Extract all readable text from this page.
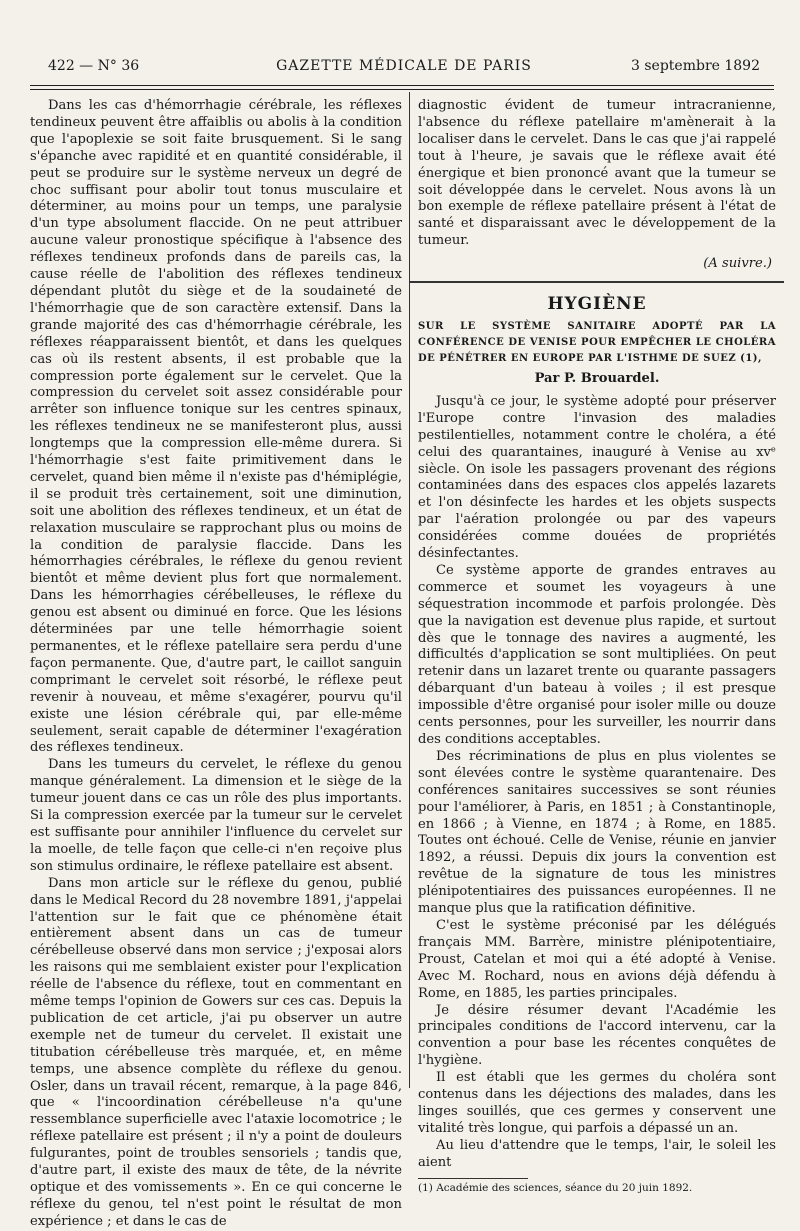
422 — N° 36	GAZETTE MÉDICALE DE PARIS	3 septembre 1892

Dans les cas d'hémorrhagie cérébrale, les réflexes tendineux peuvent être affaiblis ou abolis à la condition que l'apoplexie se soit faite brusquement. Si le sang s'épanche avec rapidité et en quantité considérable, il peut se produire sur le système nerveux un degré de choc suffisant pour abolir tout tonus musculaire et déterminer, au moins pour un temps, une paralysie d'un type absolument flaccide. On ne peut attribuer aucune valeur pronostique spécifique à l'absence des réflexes tendineux profonds dans de pareils cas, la cause réelle de l'abolition des réflexes tendineux dépendant plutôt du siège et de la soudaineté de l'hémorrhagie que de son caractère extensif. Dans la grande majorité des cas d'hémorrhagie cérébrale, les réflexes réapparaissent bientôt, et dans les quelques cas où ils restent absents, il est probable que la compression porte également sur le cervelet. Que la compression du cervelet soit assez considérable pour arrêter son influence tonique sur les centres spinaux, les réflexes tendineux ne se manifesteront plus, aussi longtemps que la compression elle-même durera. Si l'hémorrhagie s'est faite primitivement dans le cervelet, quand bien même il n'existe pas d'hémiplégie, il se produit très certainement, soit une diminution, soit une abolition des réflexes tendineux, et un état de relaxation musculaire se rapprochant plus ou moins de la condition de paralysie flaccide. Dans les hémorrhagies cérébrales, le réflexe du genou revient bientôt et même devient plus fort que normalement. Dans les hémorrhagies cérébelleuses, le réflexe du genou est absent ou diminué en force. Que les lésions déterminées par une telle hémorrhagie soient permanentes, et le réflexe patellaire sera perdu d'une façon permanente. Que, d'autre part, le caillot sanguin comprimant le cervelet soit résorbé, le réflexe peut revenir à nouveau, et même s'exagérer, pourvu qu'il existe une lésion cérébrale qui, par elle-même seulement, serait capable de déterminer l'exagération des réflexes tendineux.

Dans les tumeurs du cervelet, le réflexe du genou manque généralement. La dimension et le siège de la tumeur jouent dans ce cas un rôle des plus importants. Si la compression exercée par la tumeur sur le cervelet est suffisante pour annihiler l'influence du cervelet sur la moelle, de telle façon que celle-ci n'en reçoive plus son stimulus ordinaire, le réflexe patellaire est absent.

Dans mon article sur le réflexe du genou, publié dans le Medical Record du 28 novembre 1891, j'appelai l'attention sur le fait que ce phénomène était entièrement absent dans un cas de tumeur cérébelleuse observé dans mon service ; j'exposai alors les raisons qui me semblaient exister pour l'explication réelle de l'absence du réflexe, tout en commentant en même temps l'opinion de Gowers sur ces cas. Depuis la publication de cet article, j'ai pu observer un autre exemple net de tumeur du cervelet. Il existait une titubation cérébelleuse très marquée, et, en même temps, une absence complète du réflexe du genou. Osler, dans un travail récent, remarque, à la page 846, que « l'incoordination cérébelleuse n'a qu'une ressemblance superficielle avec l'ataxie locomotrice ; le réflexe patellaire est présent ; il n'y a point de douleurs fulgurantes, point de troubles sensoriels ; tandis que, d'autre part, il existe des maux de tête, de la névrite optique et des vomissements ». En ce qui concerne le réflexe du genou, tel n'est point le résultat de mon expérience ; et dans le cas de

diagnostic évident de tumeur intracranienne, l'absence du réflexe patellaire m'amènerait à la localiser dans le cervelet. Dans le cas que j'ai rappelé tout à l'heure, je savais que le réflexe avait été énergique et bien prononcé avant que la tumeur se soit développée dans le cervelet. Nous avons là un bon exemple de réflexe patellaire présent à l'état de santé et disparaissant avec le développement de la tumeur.

(A suivre.)
HYGIÈNE
SUR LE SYSTÈME SANITAIRE ADOPTÉ PAR LA CONFÉRENCE DE VENISE POUR EMPÊCHER LE CHOLÉRA DE PÉNÉTRER EN EUROPE PAR L'ISTHME DE SUEZ (1),
Par P. Brouardel.

Jusqu'à ce jour, le système adopté pour préserver l'Europe contre l'invasion des maladies pestilentielles, notamment contre le choléra, a été celui des quarantaines, inauguré à Venise au xvᵉ siècle. On isole les passagers provenant des régions contaminées dans des espaces clos appelés lazarets et l'on désinfecte les hardes et les objets suspects par l'aération prolongée ou par des vapeurs considérées comme douées de propriétés désinfectantes.

Ce système apporte de grandes entraves au commerce et soumet les voyageurs à une séquestration incommode et parfois prolongée. Dès que la navigation est devenue plus rapide, et surtout dès que le tonnage des navires a augmenté, les difficultés d'application se sont multipliées. On peut retenir dans un lazaret trente ou quarante passagers débarquant d'un bateau à voiles ; il est presque impossible d'être organisé pour isoler mille ou douze cents personnes, pour les surveiller, les nourrir dans des conditions acceptables.

Des récriminations de plus en plus violentes se sont élevées contre le système quarantenaire. Des conférences sanitaires successives se sont réunies pour l'améliorer, à Paris, en 1851 ; à Constantinople, en 1866 ; à Vienne, en 1874 ; à Rome, en 1885. Toutes ont échoué. Celle de Venise, réunie en janvier 1892, a réussi. Depuis dix jours la convention est revêtue de la signature de tous les ministres plénipotentiaires des puissances européennes. Il ne manque plus que la ratification définitive.

C'est le système préconisé par les délégués français MM. Barrère, ministre plénipotentiaire, Proust, Catelan et moi qui a été adopté à Venise. Avec M. Rochard, nous en avions déjà défendu à Rome, en 1885, les parties principales.

Je désire résumer devant l'Académie les principales conditions de l'accord intervenu, car la convention a pour base les récentes conquêtes de l'hygiène.

Il est établi que les germes du choléra sont contenus dans les déjections des malades, dans les linges souillés, que ces germes y conservent une vitalité très longue, qui parfois a dépassé un an.

Au lieu d'attendre que le temps, l'air, le soleil les aient

(1) Académie des sciences, séance du 20 juin 1892.
